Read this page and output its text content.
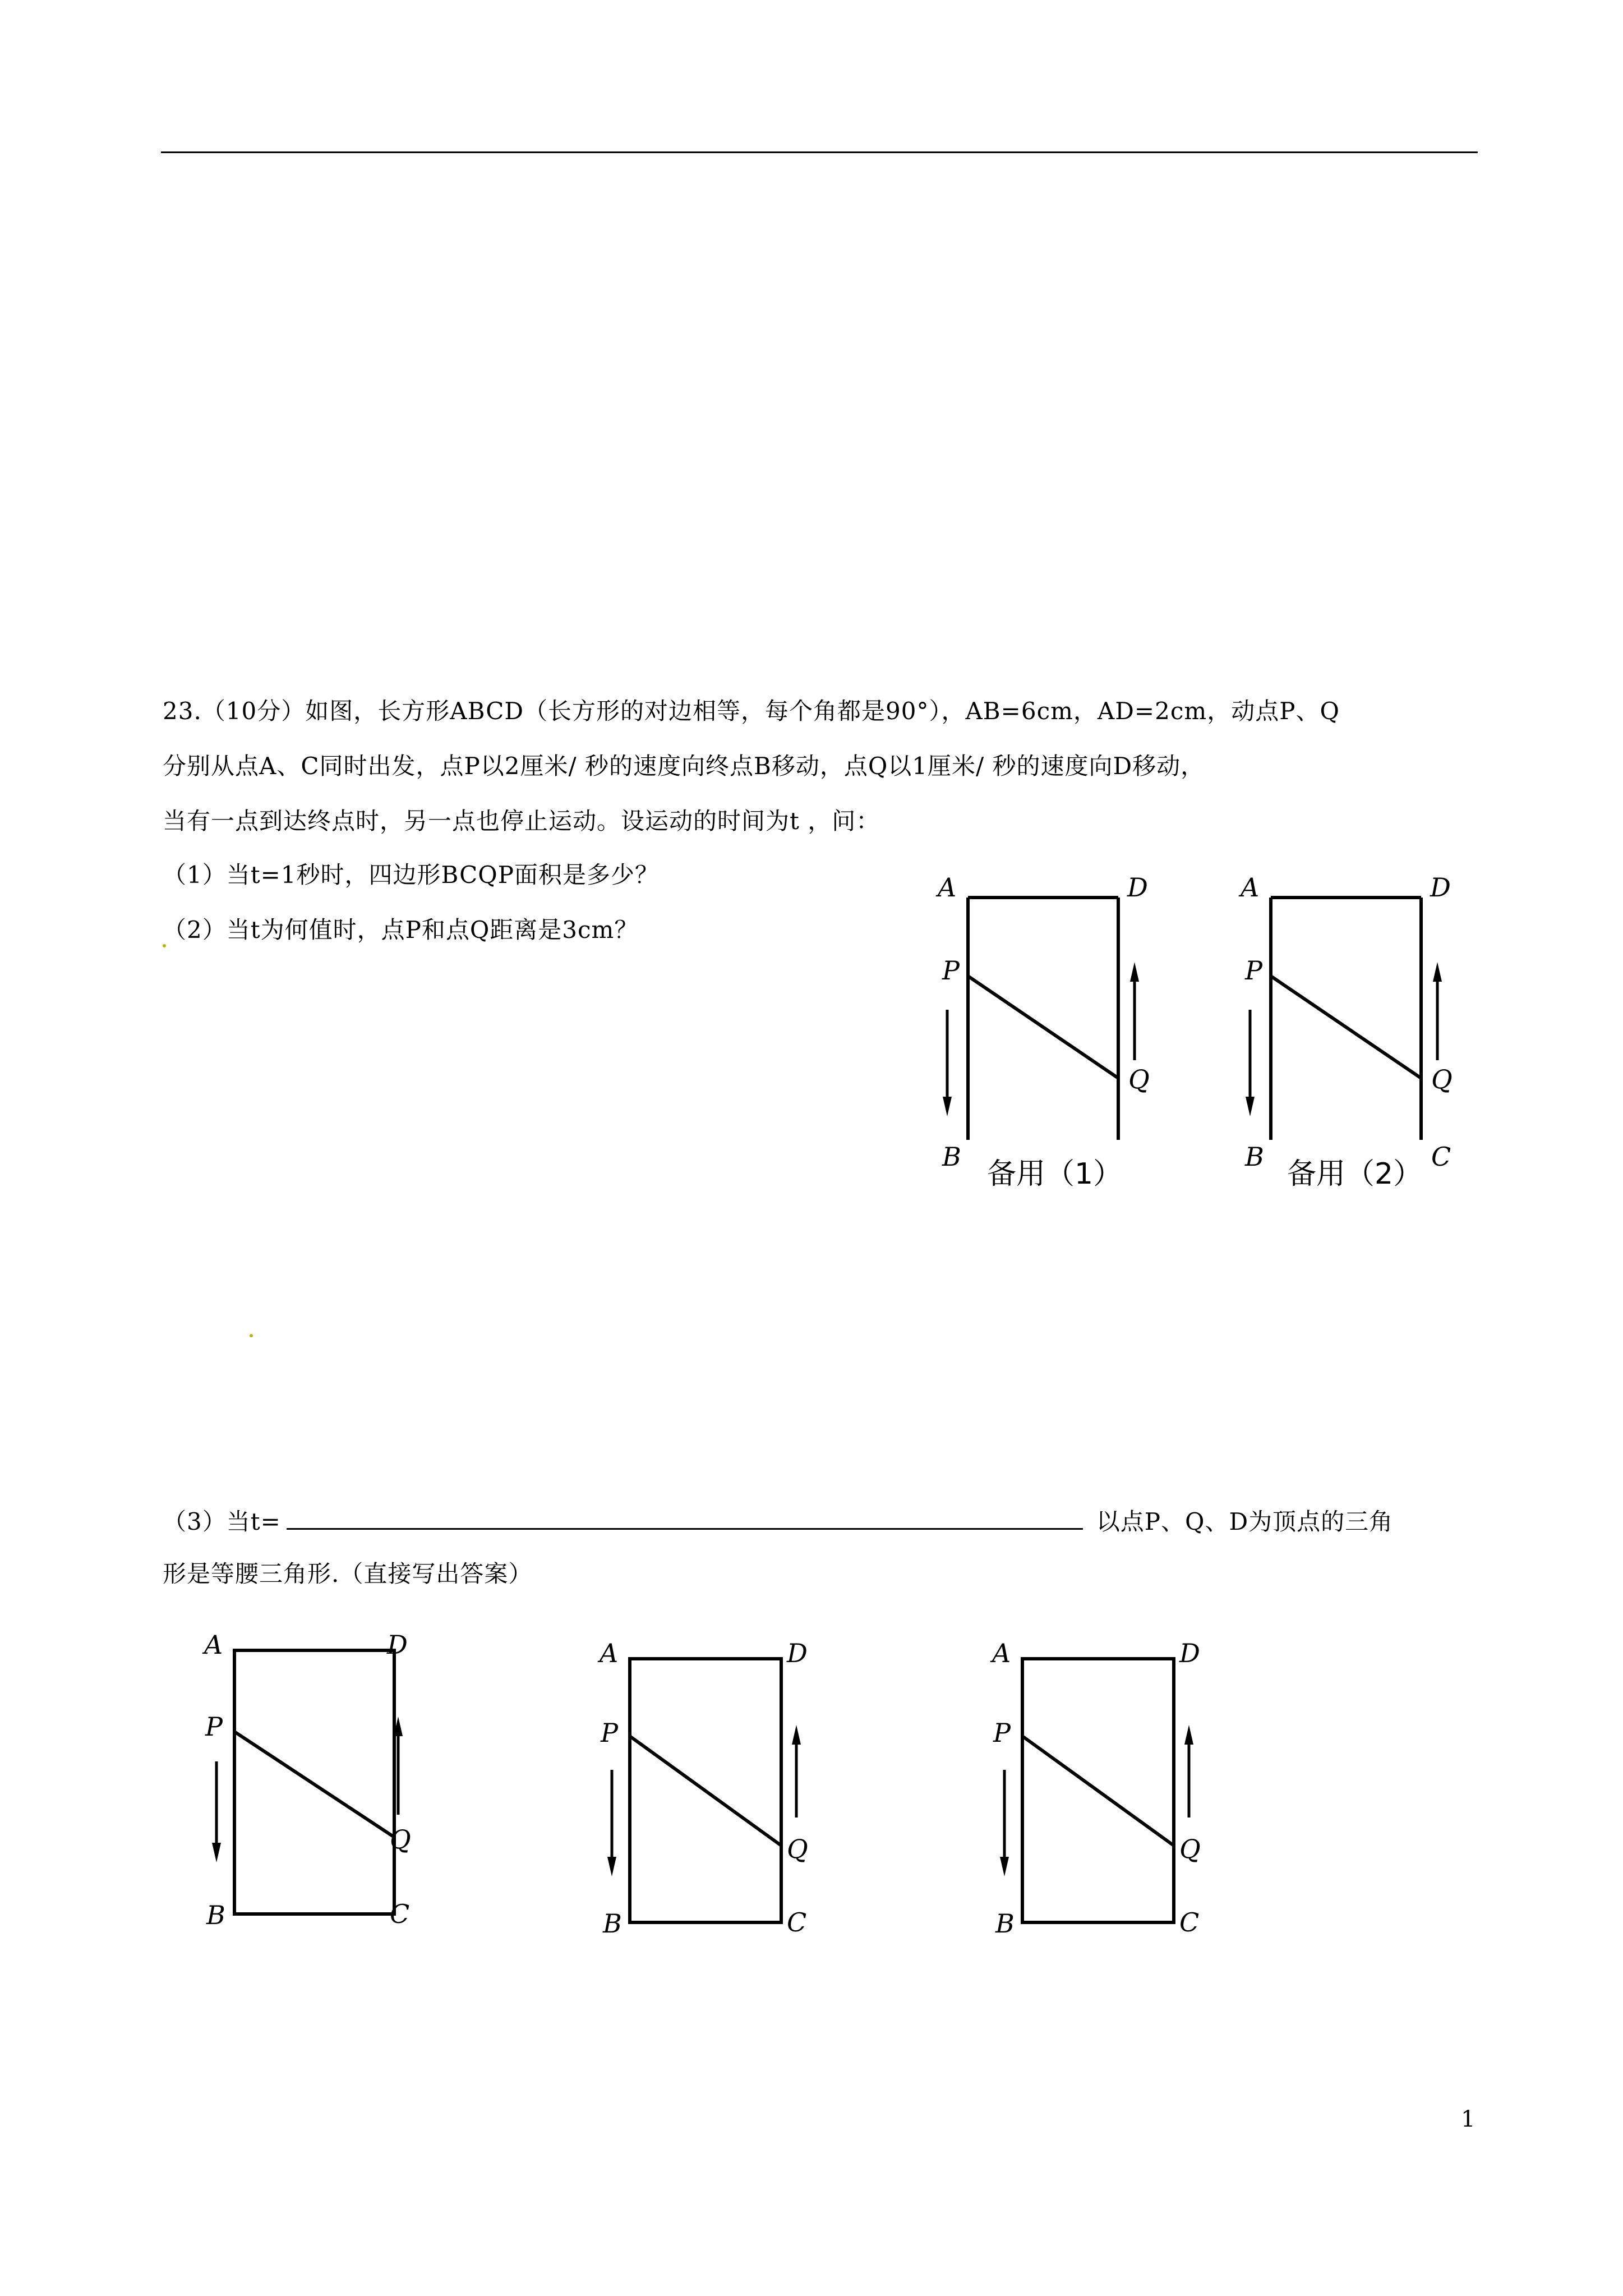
23.（10分）如图，长方形ABCD（长方形的对边相等，每个角都是90°），AB=6cm，AD=2cm，动点P、Q
分别从点A、C同时出发，点P以2厘米/ 秒的速度向终点B移动，点Q以1厘米/ 秒的速度向D移动，
当有一点到达终点时，另一点也停止运动。设运动的时间为t ，问：
（1）当t=1秒时，四边形BCQP面积是多少？
（2）当t为何值时，点P和点Q距离是3cm？
（3）当t=	以点P、Q、D为顶点的三角
形是等腰三角形.（直接写出答案）
A	D
P
Q
B
备用（1）
A	D
P
Q
B	C
备用（2）
A	D
P
Q
B	C
A	D
P
Q
B	C
A	D
P
Q
B	C
1
